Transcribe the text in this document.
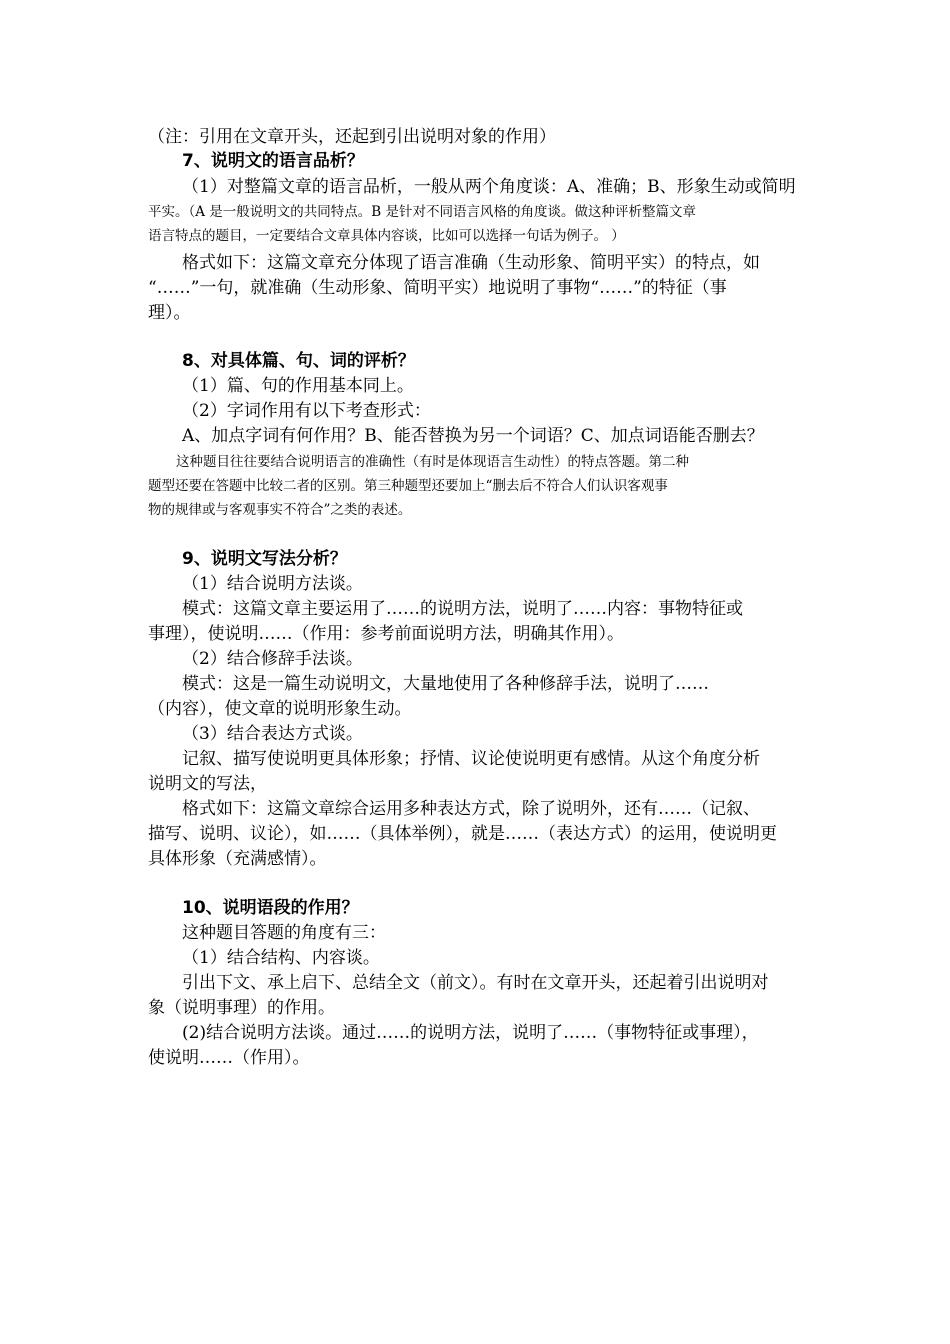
（注：引用在文章开头，还起到引出说明对象的作用）

7、说明文的语言品析？

（1）对整篇文章的语言品析，一般从两个角度谈：A、准确；B、形象生动或简明

平实。（A 是一般说明文的共同特点。B 是针对不同语言风格的角度谈。做这种评析整篇文章

语言特点的题目，一定要结合文章具体内容谈，比如可以选择一句话为例子。 ）

格式如下：这篇文章充分体现了语言准确（生动形象、简明平实）的特点，如

“……”一句，就准确（生动形象、简明平实）地说明了事物“……”的特征（事

理）。

8、对具体篇、句、词的评析？

（1）篇、句的作用基本同上。

（2）字词作用有以下考查形式：

A、加点字词有何作用？B、能否替换为另一个词语？C、加点词语能否删去？

这种题目往往要结合说明语言的准确性（有时是体现语言生动性）的特点答题。第二种

题型还要在答题中比较二者的区别。第三种题型还要加上“删去后不符合人们认识客观事

物的规律或与客观事实不符合”之类的表述。

9、说明文写法分析？

（1）结合说明方法谈。

模式：这篇文章主要运用了……的说明方法，说明了……内容：事物特征或

事理），使说明……（作用：参考前面说明方法，明确其作用）。

（2）结合修辞手法谈。

模式：这是一篇生动说明文，大量地使用了各种修辞手法，说明了……

（内容），使文章的说明形象生动。

（3）结合表达方式谈。

记叙、描写使说明更具体形象；抒情、议论使说明更有感情。从这个角度分析

说明文的写法，

格式如下：这篇文章综合运用多种表达方式，除了说明外，还有……（记叙、

描写、说明、议论），如……（具体举例），就是……（表达方式）的运用，使说明更

具体形象（充满感情）。

10、说明语段的作用？

这种题目答题的角度有三：

（1）结合结构、内容谈。

引出下文、承上启下、总结全文（前文）。有时在文章开头，还起着引出说明对

象（说明事理）的作用。

(2)结合说明方法谈。通过……的说明方法，说明了……（事物特征或事理），

使说明……（作用）。
